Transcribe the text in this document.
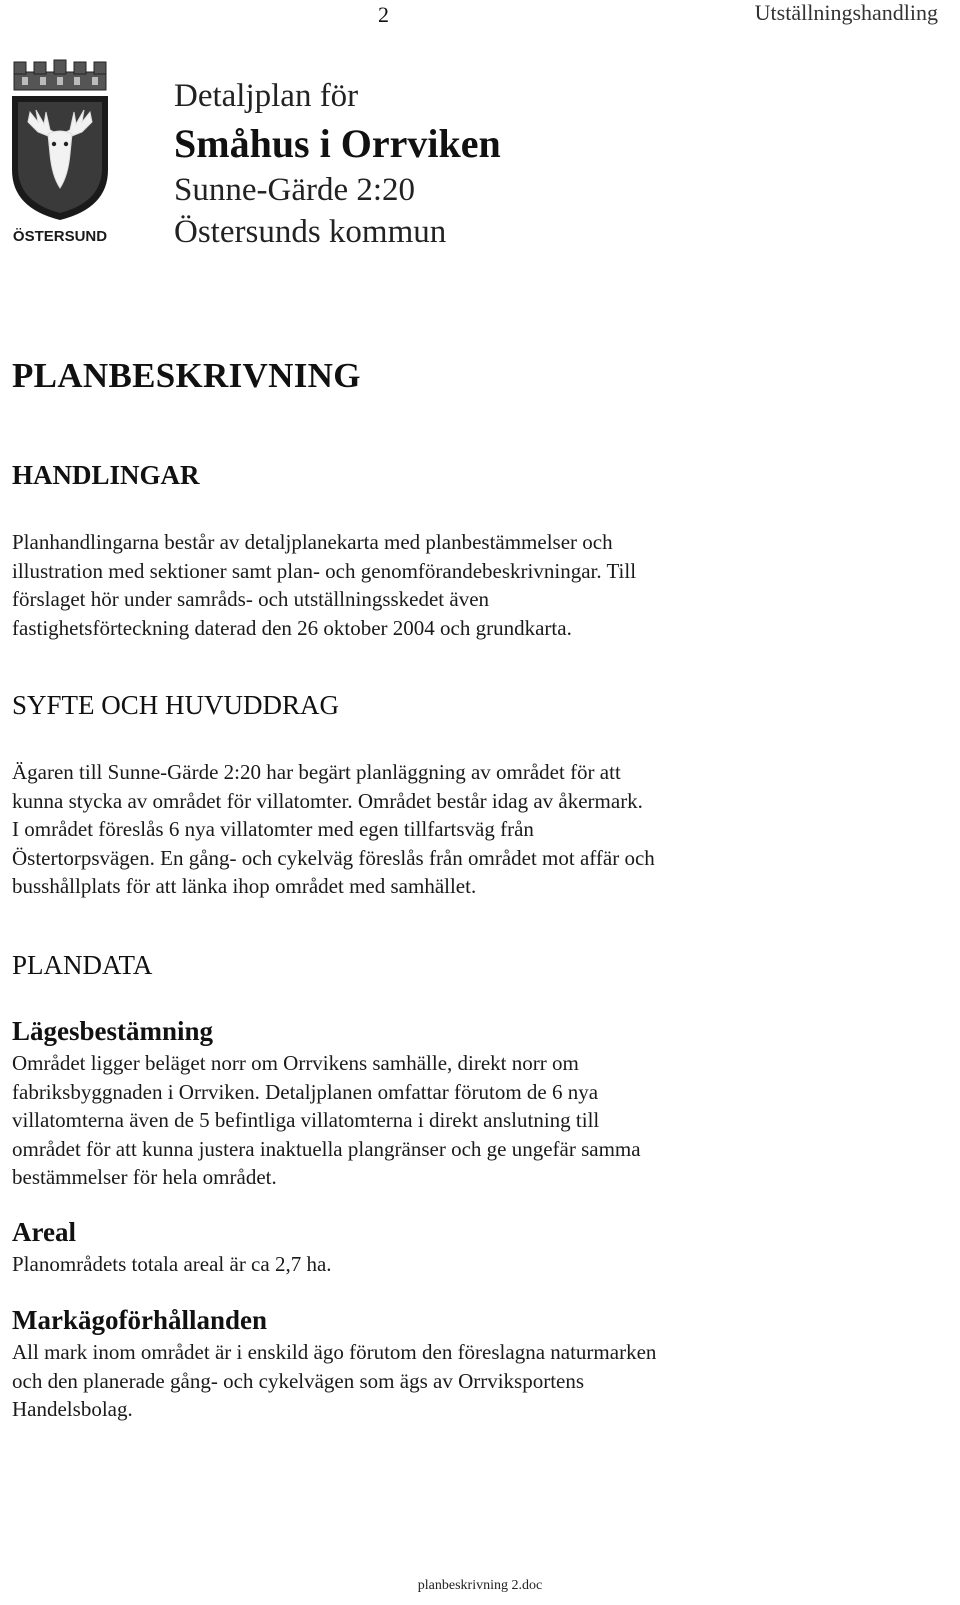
2	Utställningshandling
ÖSTERSUND
Detaljplan för
Småhus i Orrviken
Sunne-Gärde 2:20
Östersunds kommun
PLANBESKRIVNING
HANDLINGAR
Planhandlingarna består av detaljplanekarta med planbestämmelser och
illustration med sektioner samt plan- och genomförandebeskrivningar. Till
förslaget hör under samråds- och utställningsskedet även
fastighetsförteckning daterad den 26 oktober 2004 och grundkarta.
SYFTE OCH HUVUDDRAG
Ägaren till Sunne-Gärde 2:20 har begärt planläggning av området för att
kunna stycka av området för villatomter. Området består idag av åkermark.
I området föreslås 6 nya villatomter med egen tillfartsväg från
Östertorpsvägen. En gång- och cykelväg föreslås från området mot affär och
busshållplats för att länka ihop området med samhället.
PLANDATA
Lägesbestämning
Området ligger beläget norr om Orrvikens samhälle, direkt norr om
fabriksbyggnaden i Orrviken. Detaljplanen omfattar förutom de 6 nya
villatomterna även de 5 befintliga villatomterna i direkt anslutning till
området för att kunna justera inaktuella plangränser och ge ungefär samma
bestämmelser för hela området.
Areal
Planområdets totala areal är ca 2,7 ha.
Markägoförhållanden
All mark inom området är i enskild ägo förutom den föreslagna naturmarken
och den planerade gång- och cykelvägen som ägs av Orrviksportens
Handelsbolag.
planbeskrivning 2.doc
